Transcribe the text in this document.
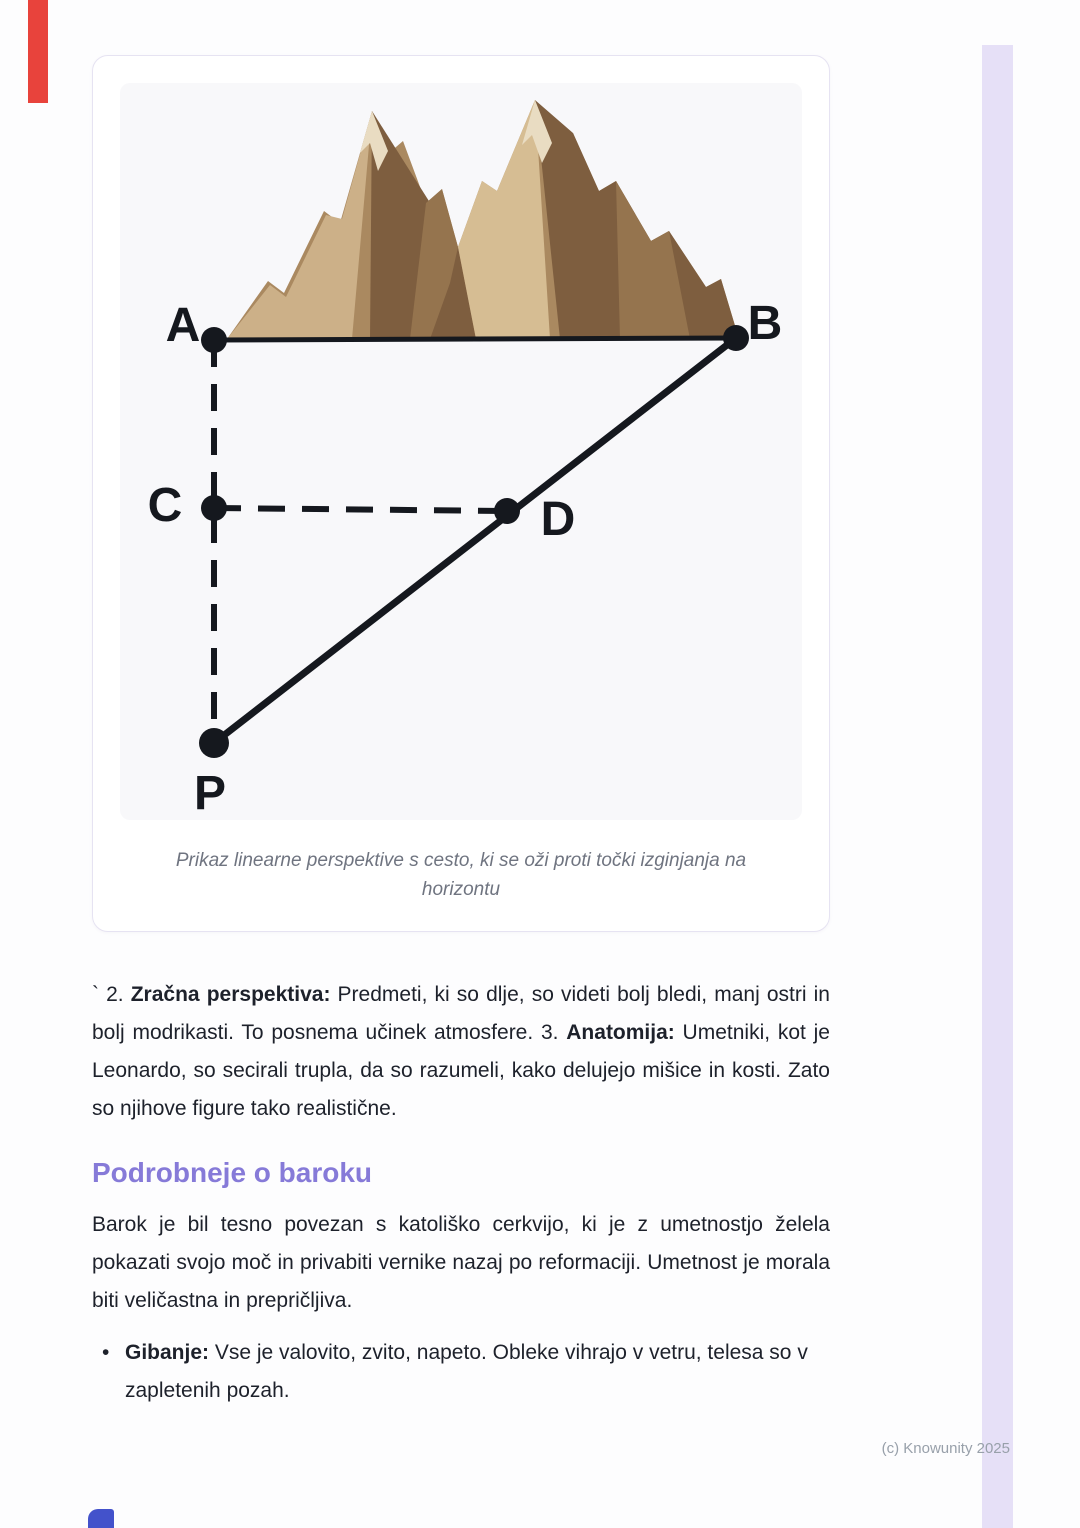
A	B
C	D
P

Prikaz linearne perspektive s cesto, ki se oži proti točki izginjanja na horizontu

` 2. Zračna perspektiva: Predmeti, ki so dlje, so videti bolj bledi, manj ostri in bolj modrikasti. To posnema učinek atmosfere. 3. Anatomija: Umetniki, kot je Leonardo, so secirali trupla, da so razumeli, kako delujejo mišice in kosti. Zato so njihove figure tako realistične.

Podrobneje o baroku

Barok je bil tesno povezan s katoliško cerkvijo, ki je z umetnostjo želela pokazati svojo moč in privabiti vernike nazaj po reformaciji. Umetnost je morala biti veličastna in prepričljiva.

• Gibanje: Vse je valovito, zvito, napeto. Obleke vihrajo v vetru, telesa so v zapletenih pozah.
(c) Knowunity 2025
